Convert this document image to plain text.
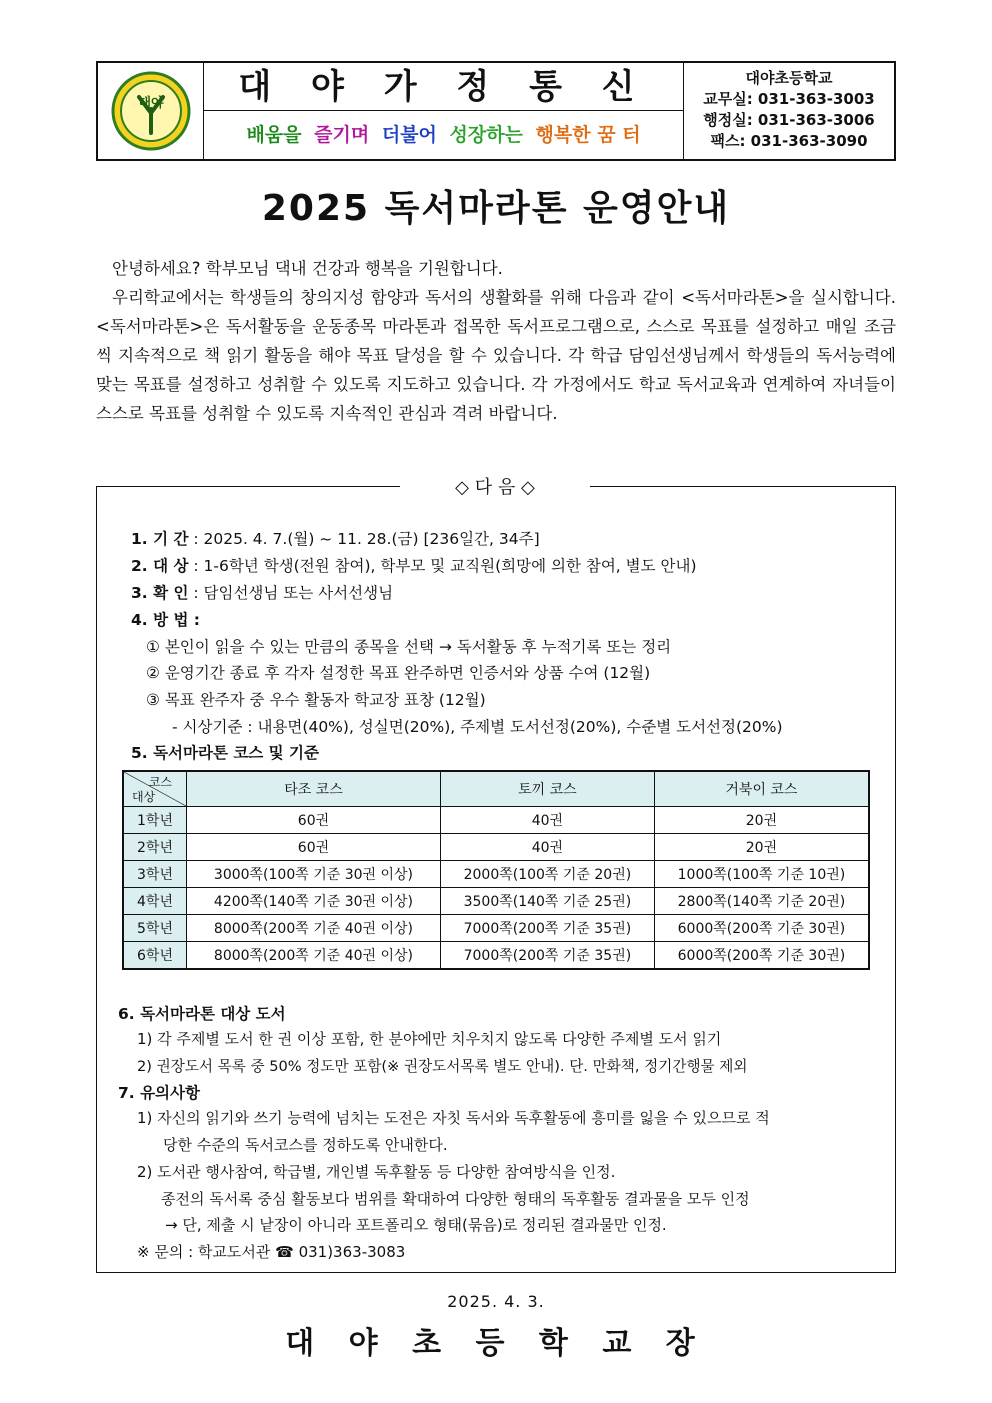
대야	대 야 가 정 통 신
배움을 즐기며 더불어 성장하는 행복한 꿈 터
대야초등학교
교무실: 031-363-3003
행정실: 031-363-3006
팩스: 031-363-3090
2025 독서마라톤 운영안내
안녕하세요? 학부모님 댁내 건강과 행복을 기원합니다.
우리학교에서는 학생들의 창의지성 함양과 독서의 생활화를 위해 다음과 같이 <독서마라톤>을 실시합니다. <독서마라톤>은 독서활동을 운동종목 마라톤과 접목한 독서프로그램으로, 스스로 목표를 설정하고 매일 조금씩 지속적으로 책 읽기 활동을 해야 목표 달성을 할 수 있습니다. 각 학급 담임선생님께서 학생들의 독서능력에 맞는 목표를 설정하고 성취할 수 있도록 지도하고 있습니다. 각 가정에서도 학교 독서교육과 연계하여 자녀들이 스스로 목표를 성취할 수 있도록 지속적인 관심과 격려 바랍니다.
◇ 다 음 ◇
1. 기 간 : 2025. 4. 7.(월) ~ 11. 28.(금) [236일간, 34주]
2. 대 상 : 1-6학년 학생(전원 참여), 학부모 및 교직원(희망에 의한 참여, 별도 안내)
3. 확 인 : 담임선생님 또는 사서선생님
4. 방 법 :
① 본인이 읽을 수 있는 만큼의 종목을 선택 → 독서활동 후 누적기록 또는 정리
② 운영기간 종료 후 각자 설정한 목표 완주하면 인증서와 상품 수여 (12월)
③ 목표 완주자 중 우수 활동자 학교장 표창 (12월)
- 시상기준 : 내용면(40%), 성실면(20%), 주제별 도서선정(20%), 수준별 도서선정(20%)
5. 독서마라톤 코스 및 기준
코스
대상	타조 코스	토끼 코스	거북이 코스
1학년	60권	40권	20권
2학년	60권	40권	20권
3학년	3000쪽(100쪽 기준 30권 이상)	2000쪽(100쪽 기준 20권)	1000쪽(100쪽 기준 10권)
4학년	4200쪽(140쪽 기준 30권 이상)	3500쪽(140쪽 기준 25권)	2800쪽(140쪽 기준 20권)
5학년	8000쪽(200쪽 기준 40권 이상)	7000쪽(200쪽 기준 35권)	6000쪽(200쪽 기준 30권)
6학년	8000쪽(200쪽 기준 40권 이상)	7000쪽(200쪽 기준 35권)	6000쪽(200쪽 기준 30권)
6. 독서마라톤 대상 도서
1) 각 주제별 도서 한 권 이상 포함, 한 분야에만 치우치지 않도록 다양한 주제별 도서 읽기
2) 권장도서 목록 중 50% 정도만 포함(※ 권장도서목록 별도 안내). 단. 만화책, 정기간행물 제외
7. 유의사항
1) 자신의 읽기와 쓰기 능력에 넘치는 도전은 자칫 독서와 독후활동에 흥미를 잃을 수 있으므로 적
당한 수준의 독서코스를 정하도록 안내한다.
2) 도서관 행사참여, 학급별, 개인별 독후활동 등 다양한 참여방식을 인정.
종전의 독서록 중심 활동보다 범위를 확대하여 다양한 형태의 독후활동 결과물을 모두 인정
→ 단, 제출 시 낱장이 아니라 포트폴리오 형태(묶음)로 정리된 결과물만 인정.
※ 문의 : 학교도서관 ☎ 031)363-3083
2025. 4. 3.
대 야 초 등 학 교 장
